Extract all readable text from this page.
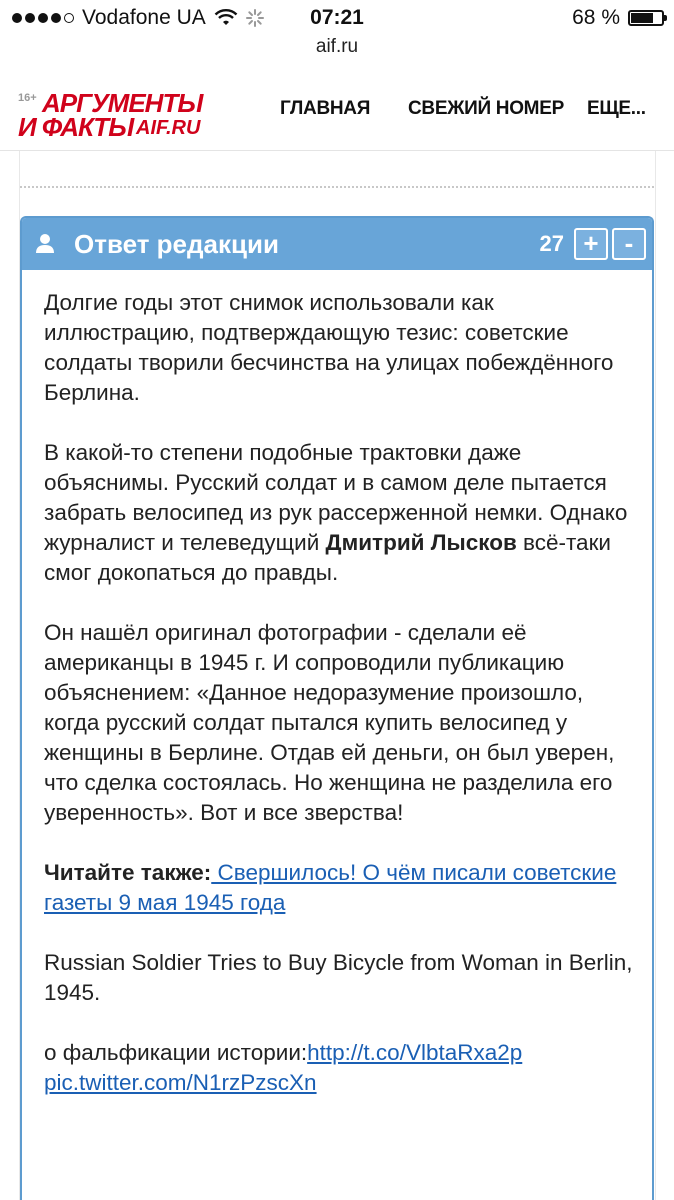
Vodafone UA	07:21	68 %
aif.ru
16+ АРГУМЕНТЫ
И ФАКТЫ AIF.RU
ГЛАВНАЯ СВЕЖИЙ НОМЕР ЕЩЕ...
Ответ редакции	27 +	-

Долгие годы этот снимок использовали как иллюстрацию, подтверждающую тезис: советские солдаты творили бесчинства на улицах побеждённого Берлина.

В какой-то степени подобные трактовки даже объяснимы. Русский солдат и в самом деле пытается забрать велосипед из рук рассерженной немки. Однако журналист и телеведущий Дмитрий Лысков всё-таки смог докопаться до правды.

Он нашёл оригинал фотографии - сделали её американцы в 1945 г. И сопроводили публикацию объяснением: «Данное недоразумение произошло, когда русский солдат пытался купить велосипед у женщины в Берлине. Отдав ей деньги, он был уверен, что сделка состоялась. Но женщина не разделила его уверенность». Вот и все зверства!

Читайте также: Свершилось! О чём писали советские газеты 9 мая 1945 года

Russian Soldier Tries to Buy Bicycle from Woman in Berlin, 1945.

о фальфикации истории:http://t.co/VlbtaRxa2p
pic.twitter.com/N1rzPzscXn
